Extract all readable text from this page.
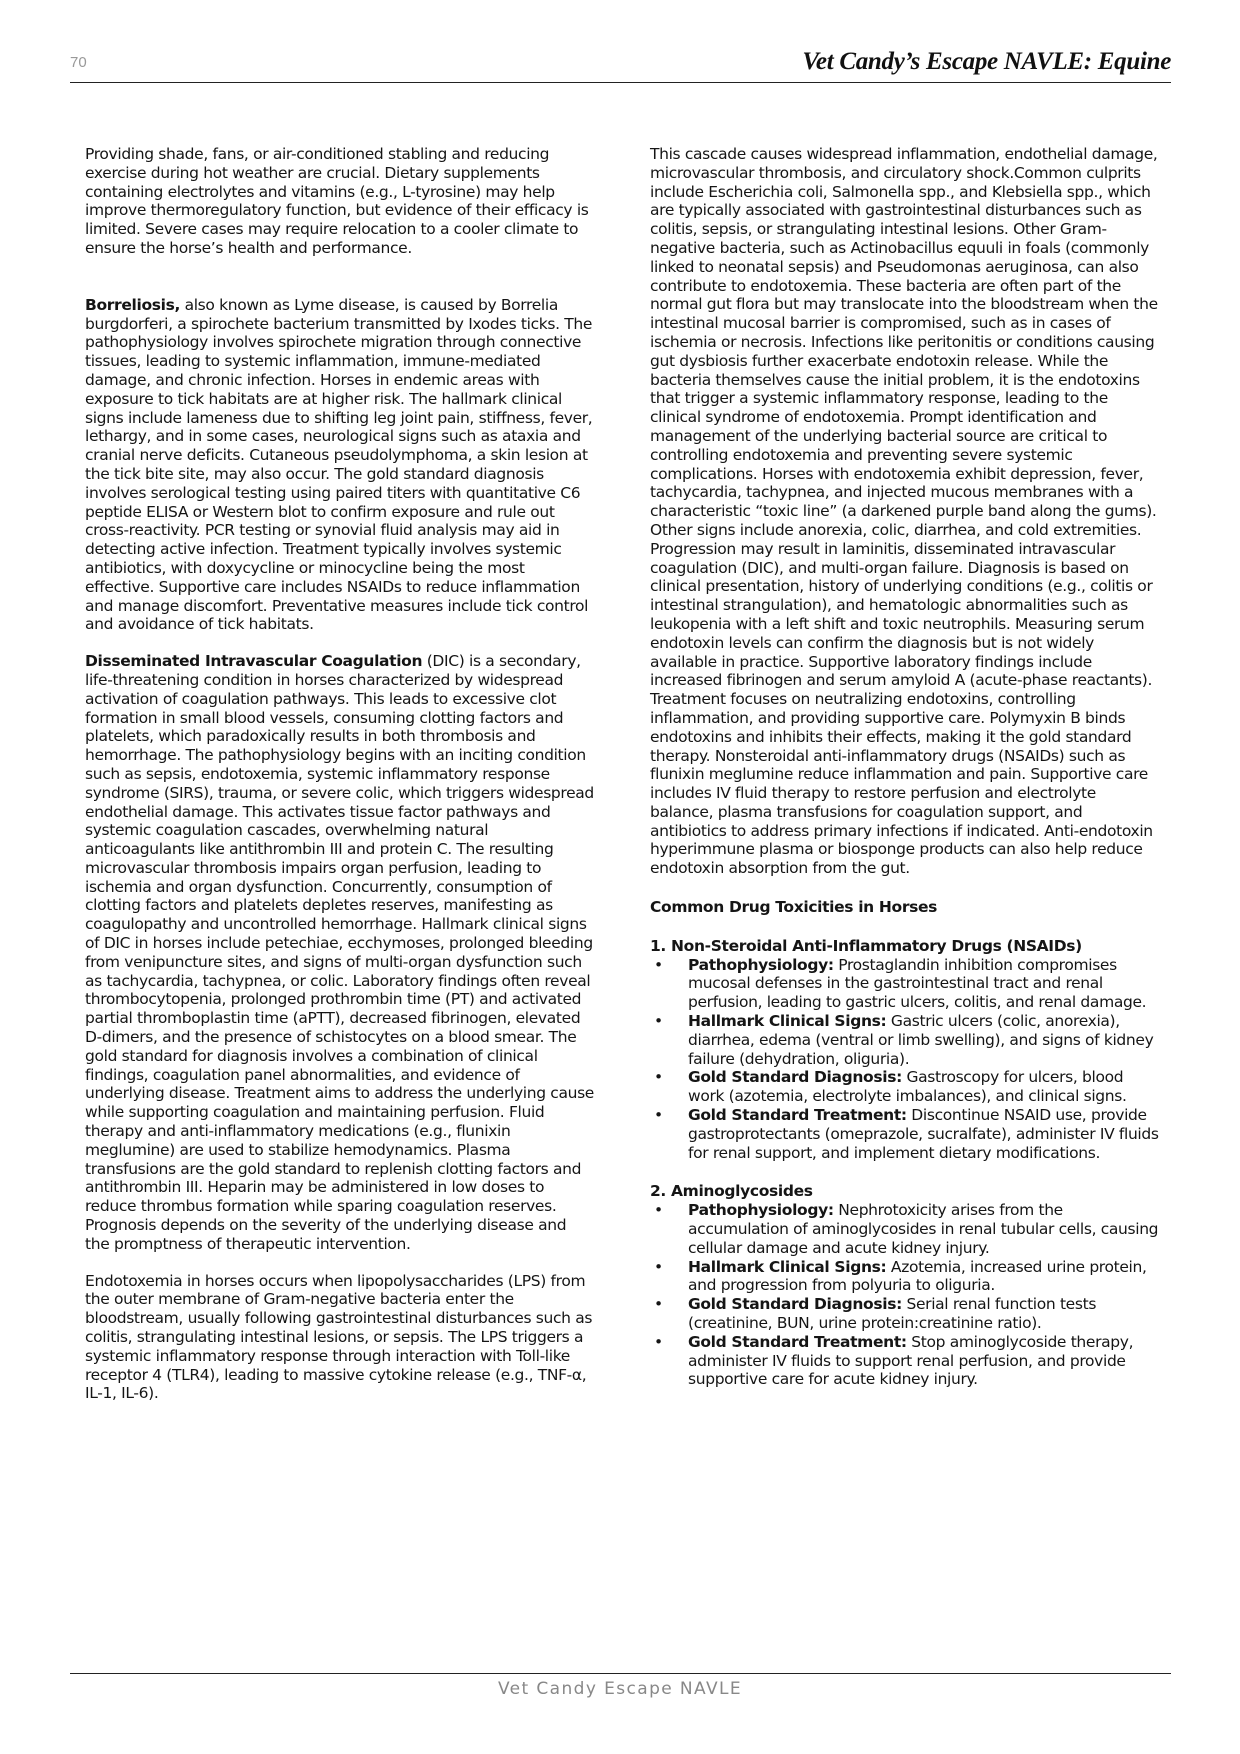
70	Vet Candy’s Escape NAVLE: Equine

Providing shade, fans, or air-conditioned stabling and reducing exercise during hot weather are crucial. Dietary supplements containing electrolytes and vitamins (e.g., L-tyrosine) may help improve thermoregulatory function, but evidence of their efficacy is limited. Severe cases may require relocation to a cooler climate to ensure the horse’s health and performance.

Borreliosis, also known as Lyme disease, is caused by Borrelia burgdorferi, a spirochete bacterium transmitted by Ixodes ticks. The pathophysiology involves spirochete migration through connective tissues, leading to systemic inflammation, immune-mediated damage, and chronic infection. Horses in endemic areas with exposure to tick habitats are at higher risk. The hallmark clinical signs include lameness due to shifting leg joint pain, stiffness, fever, lethargy, and in some cases, neurological signs such as ataxia and cranial nerve deficits. Cutaneous pseudolymphoma, a skin lesion at the tick bite site, may also occur. The gold standard diagnosis involves serological testing using paired titers with quantitative C6 peptide ELISA or Western blot to confirm exposure and rule out cross-reactivity. PCR testing or synovial fluid analysis may aid in detecting active infection. Treatment typically involves systemic antibiotics, with doxycycline or minocycline being the most effective. Supportive care includes NSAIDs to reduce inflammation and manage discomfort. Preventative measures include tick control and avoidance of tick habitats.

Disseminated Intravascular Coagulation (DIC) is a secondary, life-threatening condition in horses characterized by widespread activation of coagulation pathways. This leads to excessive clot formation in small blood vessels, consuming clotting factors and platelets, which paradoxically results in both thrombosis and hemorrhage. The pathophysiology begins with an inciting condition such as sepsis, endotoxemia, systemic inflammatory response syndrome (SIRS), trauma, or severe colic, which triggers widespread endothelial damage. This activates tissue factor pathways and systemic coagulation cascades, overwhelming natural anticoagulants like antithrombin III and protein C. The resulting microvascular thrombosis impairs organ perfusion, leading to ischemia and organ dysfunction. Concurrently, consumption of clotting factors and platelets depletes reserves, manifesting as coagulopathy and uncontrolled hemorrhage. Hallmark clinical signs of DIC in horses include petechiae, ecchymoses, prolonged bleeding from venipuncture sites, and signs of multi-organ dysfunction such as tachycardia, tachypnea, or colic. Laboratory findings often reveal thrombocytopenia, prolonged prothrombin time (PT) and activated partial thromboplastin time (aPTT), decreased fibrinogen, elevated D-dimers, and the presence of schistocytes on a blood smear. The gold standard for diagnosis involves a combination of clinical findings, coagulation panel abnormalities, and evidence of underlying disease. Treatment aims to address the underlying cause while supporting coagulation and maintaining perfusion. Fluid therapy and anti-inflammatory medications (e.g., flunixin meglumine) are used to stabilize hemodynamics. Plasma transfusions are the gold standard to replenish clotting factors and antithrombin III. Heparin may be administered in low doses to reduce thrombus formation while sparing coagulation reserves. Prognosis depends on the severity of the underlying disease and the promptness of therapeutic intervention.

Endotoxemia in horses occurs when lipopolysaccharides (LPS) from the outer membrane of Gram-negative bacteria enter the bloodstream, usually following gastrointestinal disturbances such as colitis, strangulating intestinal lesions, or sepsis. The LPS triggers a systemic inflammatory response through interaction with Toll-like receptor 4 (TLR4), leading to massive cytokine release (e.g., TNF-α, IL-1, IL-6).

This cascade causes widespread inflammation, endothelial damage, microvascular thrombosis, and circulatory shock.Common culprits include Escherichia coli, Salmonella spp., and Klebsiella spp., which are typically associated with gastrointestinal disturbances such as colitis, sepsis, or strangulating intestinal lesions. Other Gram-negative bacteria, such as Actinobacillus equuli in foals (commonly linked to neonatal sepsis) and Pseudomonas aeruginosa, can also contribute to endotoxemia. These bacteria are often part of the normal gut flora but may translocate into the bloodstream when the intestinal mucosal barrier is compromised, such as in cases of ischemia or necrosis. Infections like peritonitis or conditions causing gut dysbiosis further exacerbate endotoxin release. While the bacteria themselves cause the initial problem, it is the endotoxins that trigger a systemic inflammatory response, leading to the clinical syndrome of endotoxemia. Prompt identification and management of the underlying bacterial source are critical to controlling endotoxemia and preventing severe systemic complications. Horses with endotoxemia exhibit depression, fever, tachycardia, tachypnea, and injected mucous membranes with a characteristic “toxic line” (a darkened purple band along the gums). Other signs include anorexia, colic, diarrhea, and cold extremities. Progression may result in laminitis, disseminated intravascular coagulation (DIC), and multi-organ failure. Diagnosis is based on clinical presentation, history of underlying conditions (e.g., colitis or intestinal strangulation), and hematologic abnormalities such as leukopenia with a left shift and toxic neutrophils. Measuring serum endotoxin levels can confirm the diagnosis but is not widely available in practice. Supportive laboratory findings include increased fibrinogen and serum amyloid A (acute-phase reactants). Treatment focuses on neutralizing endotoxins, controlling inflammation, and providing supportive care. Polymyxin B binds endotoxins and inhibits their effects, making it the gold standard therapy. Nonsteroidal anti-inflammatory drugs (NSAIDs) such as flunixin meglumine reduce inflammation and pain. Supportive care includes IV fluid therapy to restore perfusion and electrolyte balance, plasma transfusions for coagulation support, and antibiotics to address primary infections if indicated. Anti-endotoxin hyperimmune plasma or biosponge products can also help reduce endotoxin absorption from the gut.

Common Drug Toxicities in Horses
1. Non-Steroidal Anti-Inflammatory Drugs (NSAIDs)
• Pathophysiology: Prostaglandin inhibition compromises mucosal defenses in the gastrointestinal tract and renal perfusion, leading to gastric ulcers, colitis, and renal damage.
• Hallmark Clinical Signs: Gastric ulcers (colic, anorexia), diarrhea, edema (ventral or limb swelling), and signs of kidney failure (dehydration, oliguria).
• Gold Standard Diagnosis: Gastroscopy for ulcers, blood work (azotemia, electrolyte imbalances), and clinical signs.
• Gold Standard Treatment: Discontinue NSAID use, provide gastroprotectants (omeprazole, sucralfate), administer IV fluids for renal support, and implement dietary modifications.
2. Aminoglycosides
• Pathophysiology: Nephrotoxicity arises from the accumulation of aminoglycosides in renal tubular cells, causing cellular damage and acute kidney injury.
• Hallmark Clinical Signs: Azotemia, increased urine protein, and progression from polyuria to oliguria.
• Gold Standard Diagnosis: Serial renal function tests (creatinine, BUN, urine protein:creatinine ratio).
• Gold Standard Treatment: Stop aminoglycoside therapy, administer IV fluids to support renal perfusion, and provide supportive care for acute kidney injury.
Vet Candy Escape NAVLE
